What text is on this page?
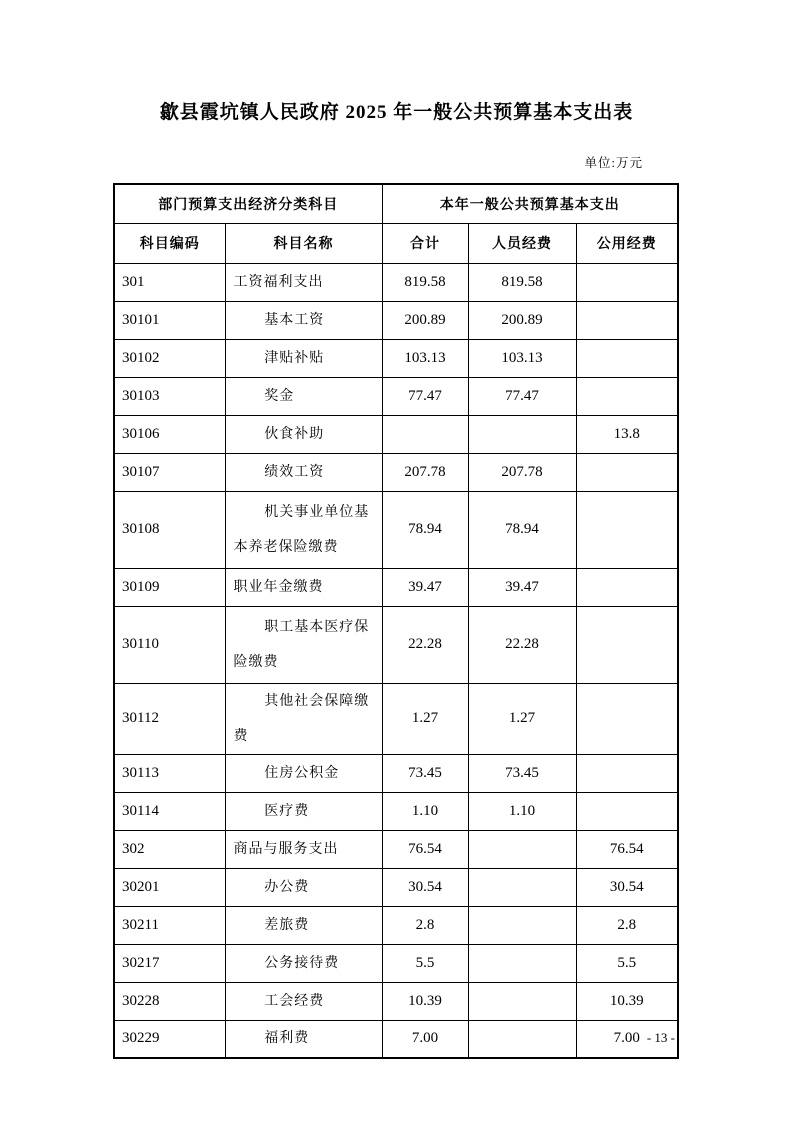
歙县霞坑镇人民政府 2025 年一般公共预算基本支出表
单位:万元
部门预算支出经济分类科目		本年一般公共预算基本支出		
科目编码	科目名称	合计	人员经费	公用经费
301	工资福利支出	819.58	819.58	
30101	基本工资	200.89	200.89	
30102	津贴补贴	103.13	103.13	
30103	奖金	77.47	77.47	
30106	伙食补助			13.8
30107	绩效工资	207.78	207.78	
30108	机关事业单位基本养老保险缴费	78.94	78.94	
30109	职业年金缴费	39.47	39.47	
30110	职工基本医疗保险缴费	22.28	22.28	
30112	其他社会保障缴费	1.27	1.27	
30113	住房公积金	73.45	73.45	
30114	医疗费	1.10	1.10	
302	商品与服务支出	76.54		76.54
30201	办公费	30.54		30.54
30211	差旅费	2.8		2.8
30217	公务接待费	5.5		5.5
30228	工会经费	10.39		10.39
30229	福利费	7.00		7.00 - 13 -
